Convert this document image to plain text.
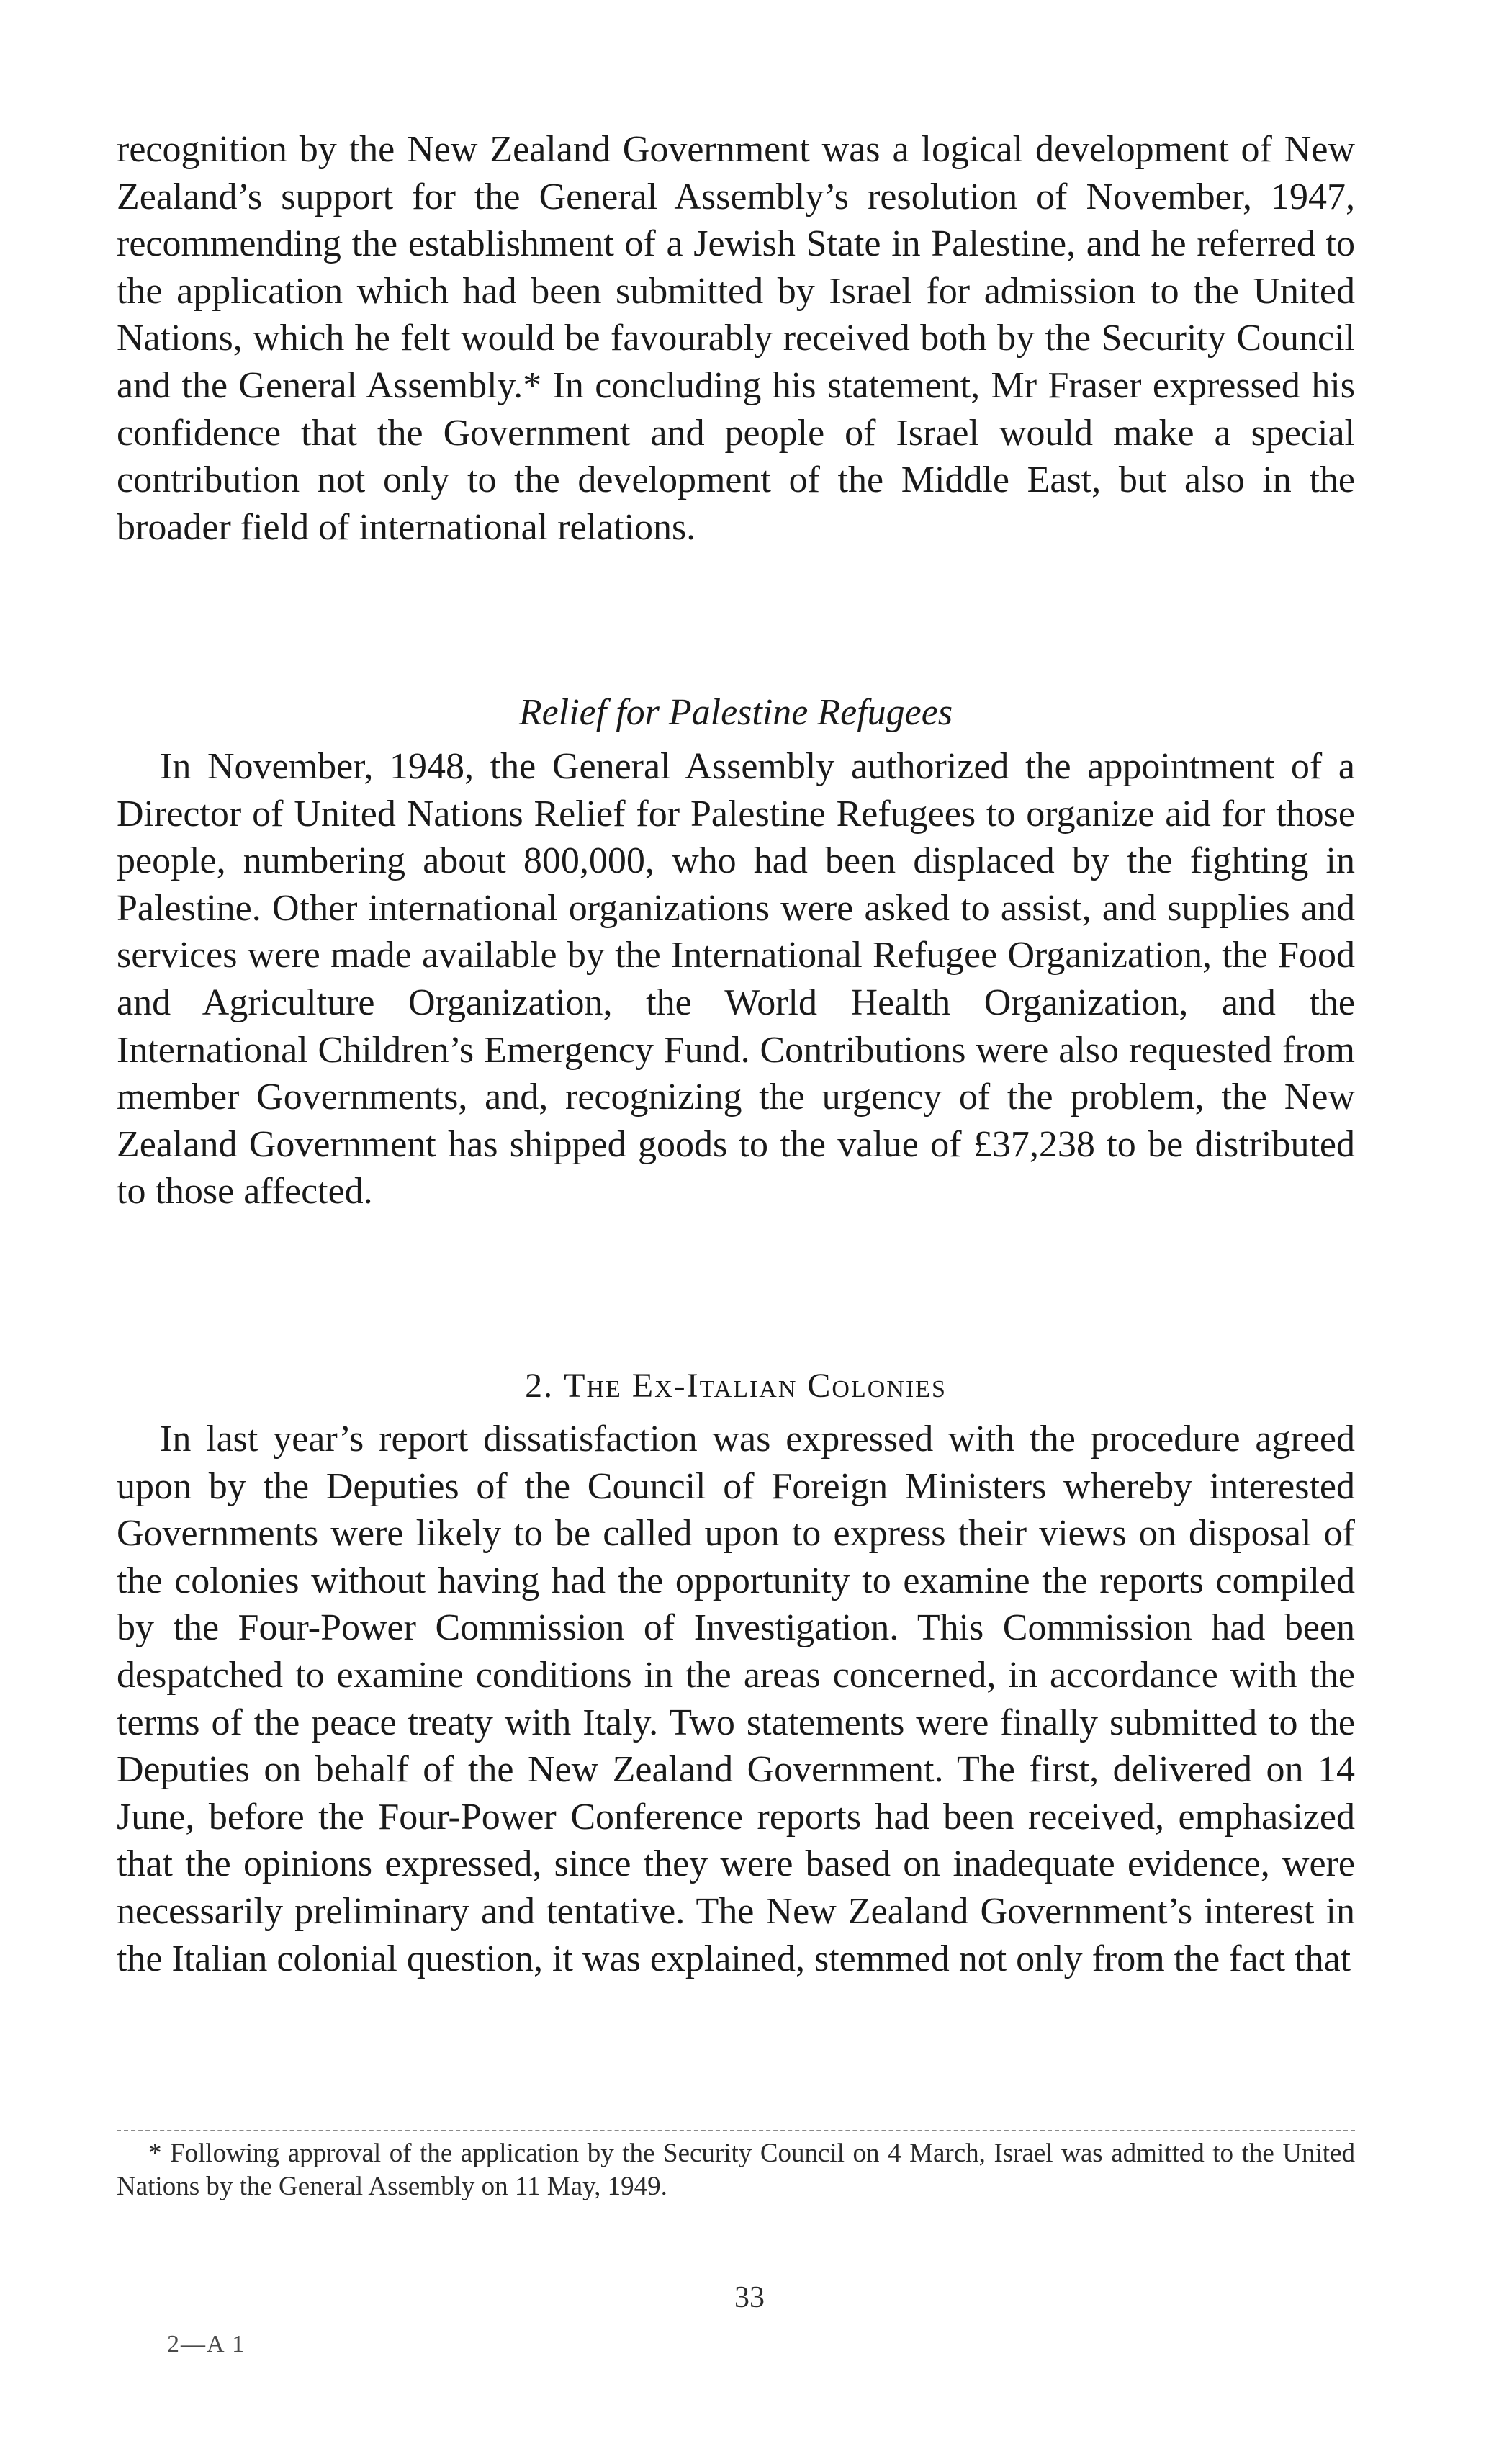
recognition by the New Zealand Government was a logical development of New Zealand’s support for the General Assembly’s resolution of November, 1947, recommending the establishment of a Jewish State in Palestine, and he referred to the application which had been submitted by Israel for admission to the United Nations, which he felt would be favourably received both by the Security Council and the General Assembly.* In concluding his statement, Mr Fraser expressed his confidence that the Government and people of Israel would make a special contribution not only to the development of the Middle East, but also in the broader field of international relations.

Relief for Palestine Refugees

In November, 1948, the General Assembly authorized the appointment of a Director of United Nations Relief for Palestine Refugees to organize aid for those people, numbering about 800,000, who had been displaced by the fighting in Palestine. Other international organizations were asked to assist, and supplies and services were made available by the International Refugee Organization, the Food and Agriculture Organization, the World Health Organization, and the International Children’s Emergency Fund. Contributions were also requested from member Governments, and, recognizing the urgency of the problem, the New Zealand Government has shipped goods to the value of £37,238 to be distributed to those affected.

2. The Ex-Italian Colonies

In last year’s report dissatisfaction was expressed with the procedure agreed upon by the Deputies of the Council of Foreign Ministers whereby interested Governments were likely to be called upon to express their views on disposal of the colonies without having had the opportunity to examine the reports compiled by the Four-Power Commission of Investigation. This Commission had been despatched to examine conditions in the areas concerned, in accordance with the terms of the peace treaty with Italy. Two statements were finally submitted to the Deputies on behalf of the New Zealand Government. The first, delivered on 14 June, before the Four-Power Conference reports had been received, emphasized that the opinions expressed, since they were based on inadequate evidence, were necessarily preliminary and tentative. The New Zealand Government’s interest in the Italian colonial question, it was explained, stemmed not only from the fact that

* Following approval of the application by the Security Council on 4 March, Israel was admitted to the United Nations by the General Assembly on 11 May, 1949.

33

2—A 1
